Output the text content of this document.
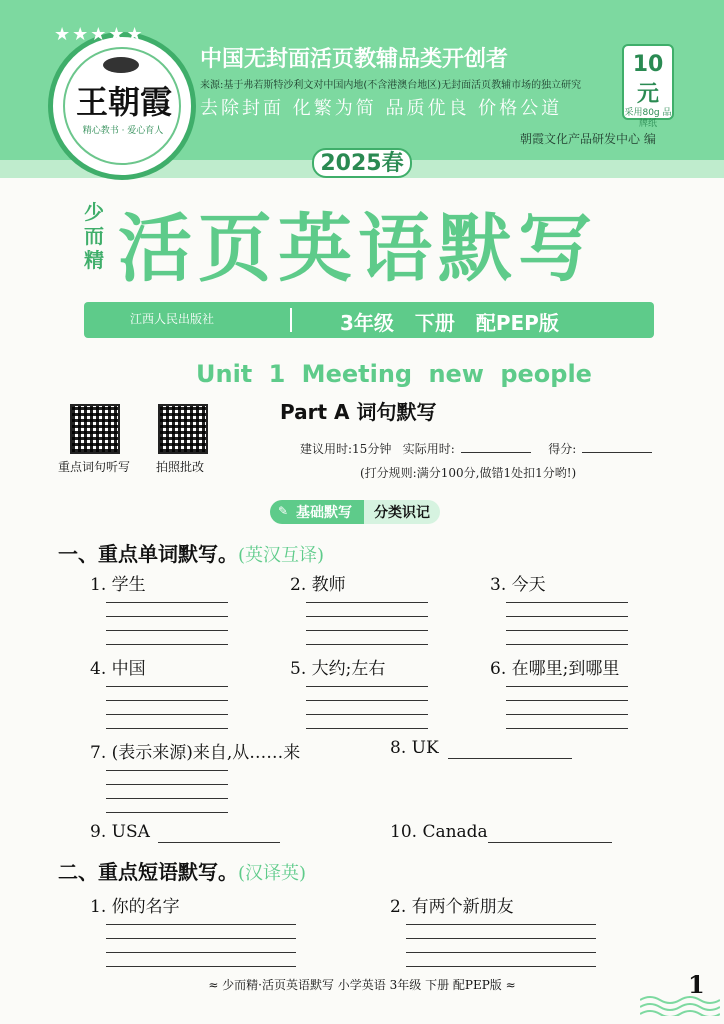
王朝霞
精心教书 · 爱心育人
★★★★★
中国无封面活页教辅品类开创者
来源:基于弗若斯特沙利文对中国内地(不含港澳台地区)无封面活页教辅市场的独立研究
去除封面 化繁为简 品质优良 价格公道
朝霞文化产品研发中心 编
10元
采用80g 品牌纸
2025春
少而精 活页英语默写
江西人民出版社	3年级 下册 配PEP版
Unit 1 Meeting new people
重点词句听写 拍照批改
Part A 词句默写
建议用时:15分钟 实际用时:	得分:
(打分规则:满分100分,做错1处扣1分哟!)
✎ 基础默写 分类识记
一、重点单词默写。(英汉互译)
1. 学生	2. 教师	3. 今天
4. 中国	5. 大约;左右	6. 在哪里;到哪里
7. (表示来源)来自,从……来	8. UK
9. USA	10. Canada
二、重点短语默写。(汉译英)
1. 你的名字	2. 有两个新朋友
≈ 少而精·活页英语默写 小学英语 3年级 下册 配PEP版 ≈	1
